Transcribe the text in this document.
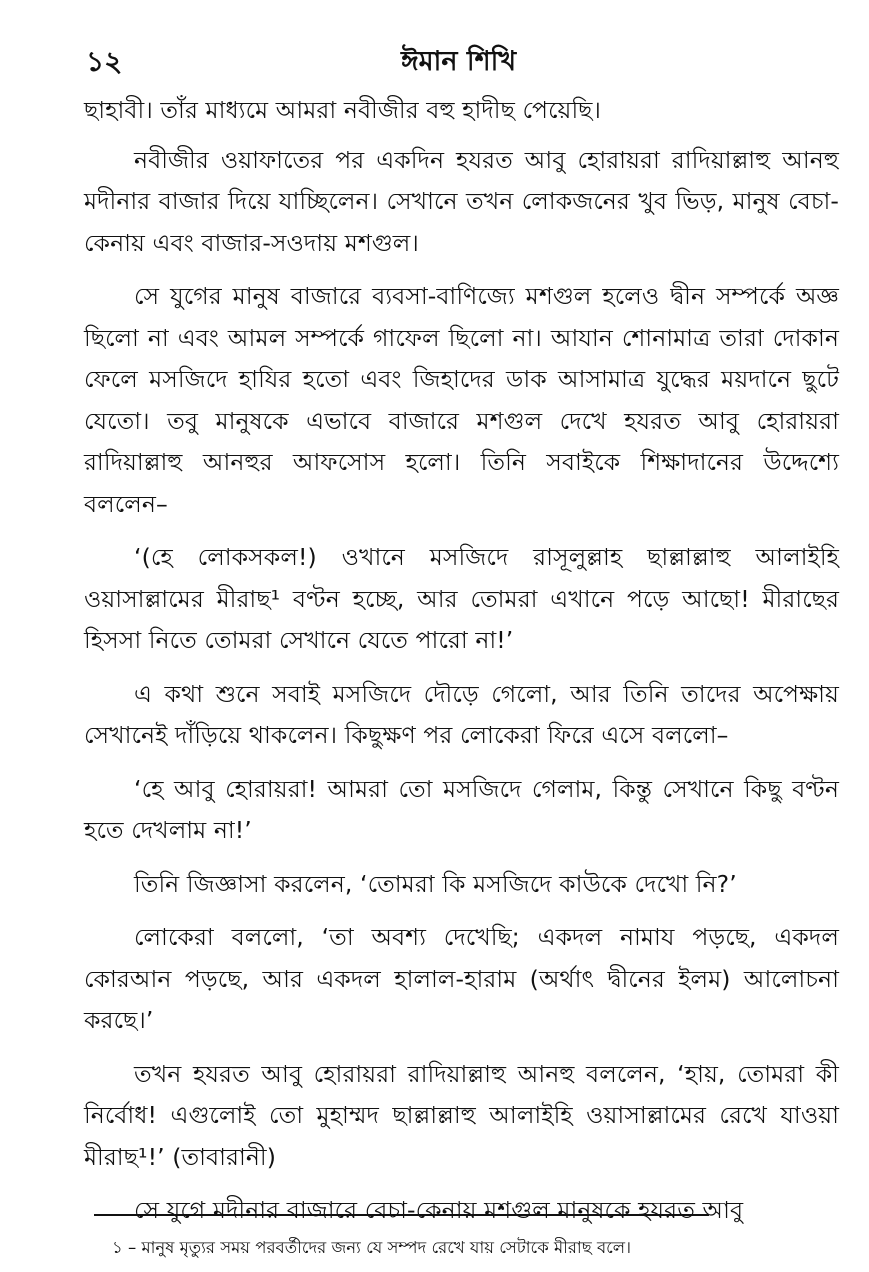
১২	ঈমান শিখি

ছাহাবী। তাঁর মাধ্যমে আমরা নবীজীর বহু হাদীছ পেয়েছি।

নবীজীর ওয়াফাতের পর একদিন হযরত আবু হোরায়রা রাদিয়াল্লাহু আনহু মদীনার বাজার দিয়ে যাচ্ছিলেন। সেখানে তখন লোকজনের খুব ভিড়, মানুষ বেচা-কেনায় এবং বাজার-সওদায় মশগুল।

সে যুগের মানুষ বাজারে ব্যবসা-বাণিজ্যে মশগুল হলেও দ্বীন সম্পর্কে অজ্ঞ ছিলো না এবং আমল সম্পর্কে গাফেল ছিলো না। আযান শোনামাত্র তারা দোকান ফেলে মসজিদে হাযির হতো এবং জিহাদের ডাক আসামাত্র যুদ্ধের ময়দানে ছুটে যেতো। তবু মানুষকে এভাবে বাজারে মশগুল দেখে হযরত আবু হোরায়রা রাদিয়াল্লাহু আনহুর আফসোস হলো। তিনি সবাইকে শিক্ষাদানের উদ্দেশ্যে বললেন–

‘(হে লোকসকল!) ওখানে মসজিদে রাসূলুল্লাহ ছাল্লাল্লাহু আলাইহি ওয়াসাল্লামের মীরাছ¹ বণ্টন হচ্ছে, আর তোমরা এখানে পড়ে আছো! মীরাছের হিসসা নিতে তোমরা সেখানে যেতে পারো না!’

এ কথা শুনে সবাই মসজিদে দৌড়ে গেলো, আর তিনি তাদের অপেক্ষায় সেখানেই দাঁড়িয়ে থাকলেন। কিছুক্ষণ পর লোকেরা ফিরে এসে বললো–

‘হে আবু হোরায়রা! আমরা তো মসজিদে গেলাম, কিন্তু সেখানে কিছু বণ্টন হতে দেখলাম না!’

তিনি জিজ্ঞাসা করলেন, ‘তোমরা কি মসজিদে কাউকে দেখো নি?’

লোকেরা বললো, ‘তা অবশ্য দেখেছি; একদল নামায পড়ছে, একদল কোরআন পড়ছে, আর একদল হালাল-হারাম (অর্থাৎ দ্বীনের ইলম) আলোচনা করছে।’

তখন হযরত আবু হোরায়রা রাদিয়াল্লাহু আনহু বললেন, ‘হায়, তোমরা কী নির্বোধ! এগুলোই তো মুহাম্মদ ছাল্লাল্লাহু আলাইহি ওয়াসাল্লামের রেখে যাওয়া মীরাছ¹!’ (তাবারানী)

সে যুগে মদীনার বাজারে বেচা-কেনায় মশগুল মানুষকে হযরত আবু

১ – মানুষ মৃত্যুর সময় পরবর্তীদের জন্য যে সম্পদ রেখে যায় সেটাকে মীরাছ বলে।
